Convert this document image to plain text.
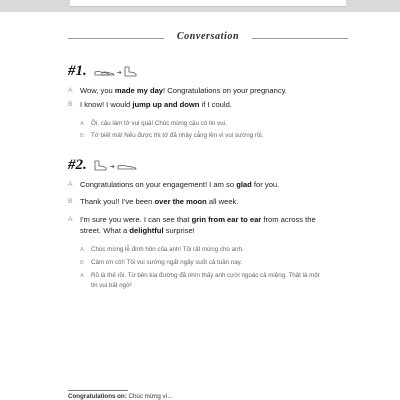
Conversation
#1.
A Wow, you made my day! Congratulations on your pregnancy.
B I know! I would jump up and down if I could.
A Ôi, cậu làm tớ vui quá! Chúc mừng cậu có tin vui.
B Tớ biết mà! Nếu được thì tớ đã nhảy cẫng lên vì vui sướng rồi.
#2.
A Congratulations on your engagement! I am so glad for you.
B Thank you!! I've been over the moon all week.
A I'm sure you were. I can see that grin from ear to ear from across the
street. What a delightful surprise!
A Chúc mừng lễ đính hôn của anh! Tôi rất mừng cho anh.
B Cảm ơn cô!! Tôi vui sướng ngất ngây suốt cả tuần nay.
A Rõ là thế rồi. Từ bên kia đường đã nhìn thấy anh cười ngoác cả miệng. Thật là một
tin vui bất ngờ!
Congratulations on: Chúc mừng vì...
